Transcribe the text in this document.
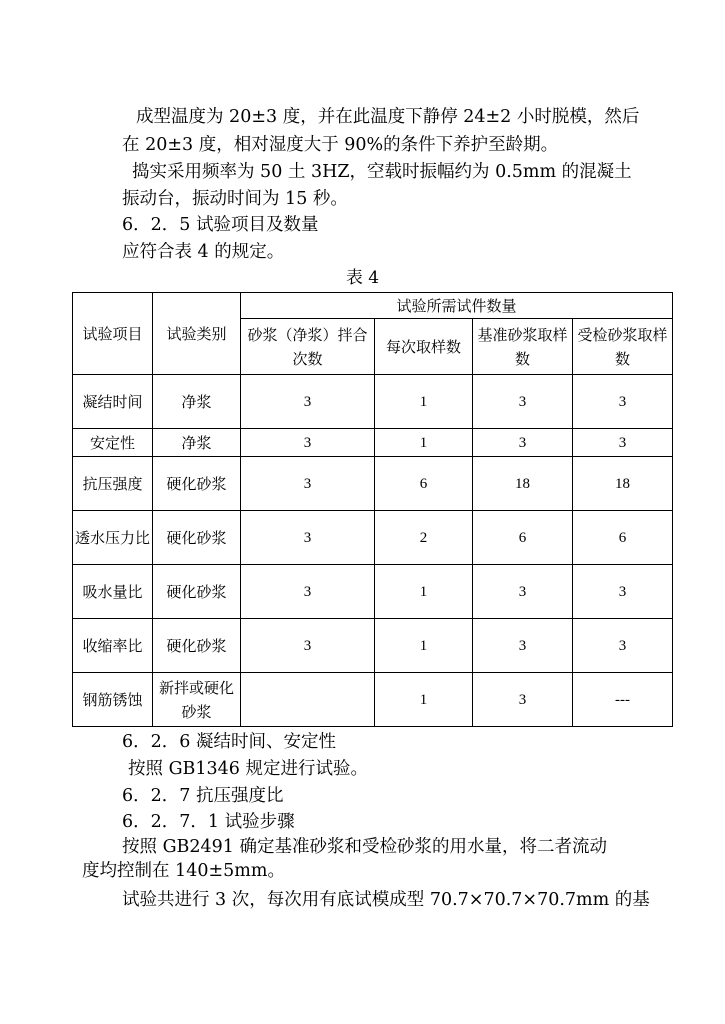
成型温度为 20±3 度，并在此温度下静停 24±2 小时脱模，然后
在 20±3 度，相对湿度大于 90%的条件下养护至龄期。
捣实采用频率为 50 土 3HZ，空载时振幅约为 0.5mm 的混凝土
振动台，振动时间为 15 秒。
6．2．5 试验项目及数量
应符合表 4 的规定。
表 4
试验项目	试验类别	试验所需试件数量			
		砂浆（净浆）拌合次数	每次取样数	基准砂浆取样数	受检砂浆取样数
凝结时间	净浆	3	1	3	3
安定性	净浆	3	1	3	3
抗压强度	硬化砂浆	3	6	18	18
透水压力比	硬化砂浆	3	2	6	6
吸水量比	硬化砂浆	3	1	3	3
收缩率比	硬化砂浆	3	1	3	3
钢筋锈蚀	新拌或硬化砂浆		1	3	---
6．2．6 凝结时间、安定性
按照 GB1346 规定进行试验。
6．2．7 抗压强度比
6．2．7．1 试验步骤
按照 GB2491 确定基准砂浆和受检砂浆的用水量，将二者流动
度均控制在 140±5mm。
试验共进行 3 次，每次用有底试模成型 70.7×70.7×70.7mm 的基
